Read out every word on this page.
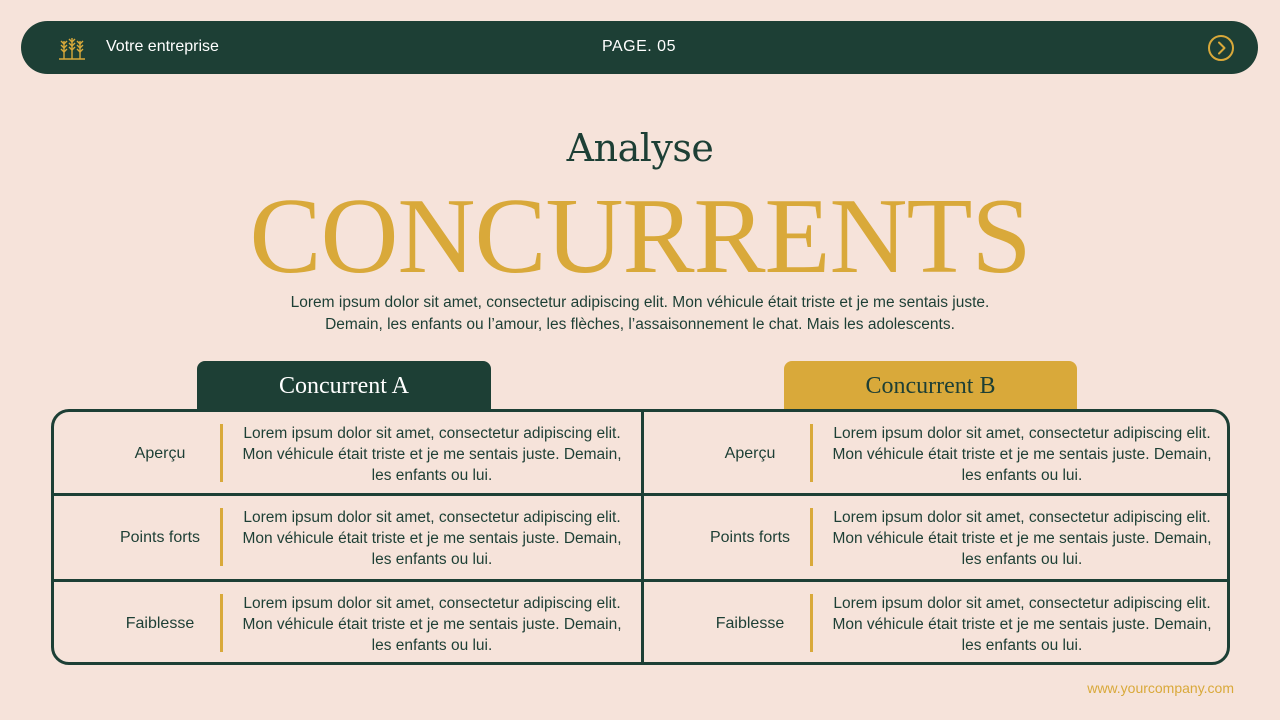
Votre entreprise	PAGE. 05
Analyse
CONCURRENTS
Lorem ipsum dolor sit amet, consectetur adipiscing elit. Mon véhicule était triste et je me sentais juste.
Demain, les enfants ou l’amour, les flèches, l’assaisonnement le chat. Mais les adolescents.
Concurrent A	Concurrent B
Aperçu
Lorem ipsum dolor sit amet, consectetur adipiscing elit. Mon véhicule était triste et je me sentais juste. Demain, les enfants ou lui.
Points forts
Lorem ipsum dolor sit amet, consectetur adipiscing elit. Mon véhicule était triste et je me sentais juste. Demain, les enfants ou lui.
Faiblesse
Lorem ipsum dolor sit amet, consectetur adipiscing elit. Mon véhicule était triste et je me sentais juste. Demain, les enfants ou lui.
Aperçu
Lorem ipsum dolor sit amet, consectetur adipiscing elit. Mon véhicule était triste et je me sentais juste. Demain, les enfants ou lui.
Points forts
Lorem ipsum dolor sit amet, consectetur adipiscing elit. Mon véhicule était triste et je me sentais juste. Demain, les enfants ou lui.
Faiblesse
Lorem ipsum dolor sit amet, consectetur adipiscing elit. Mon véhicule était triste et je me sentais juste. Demain, les enfants ou lui.
www.yourcompany.com
